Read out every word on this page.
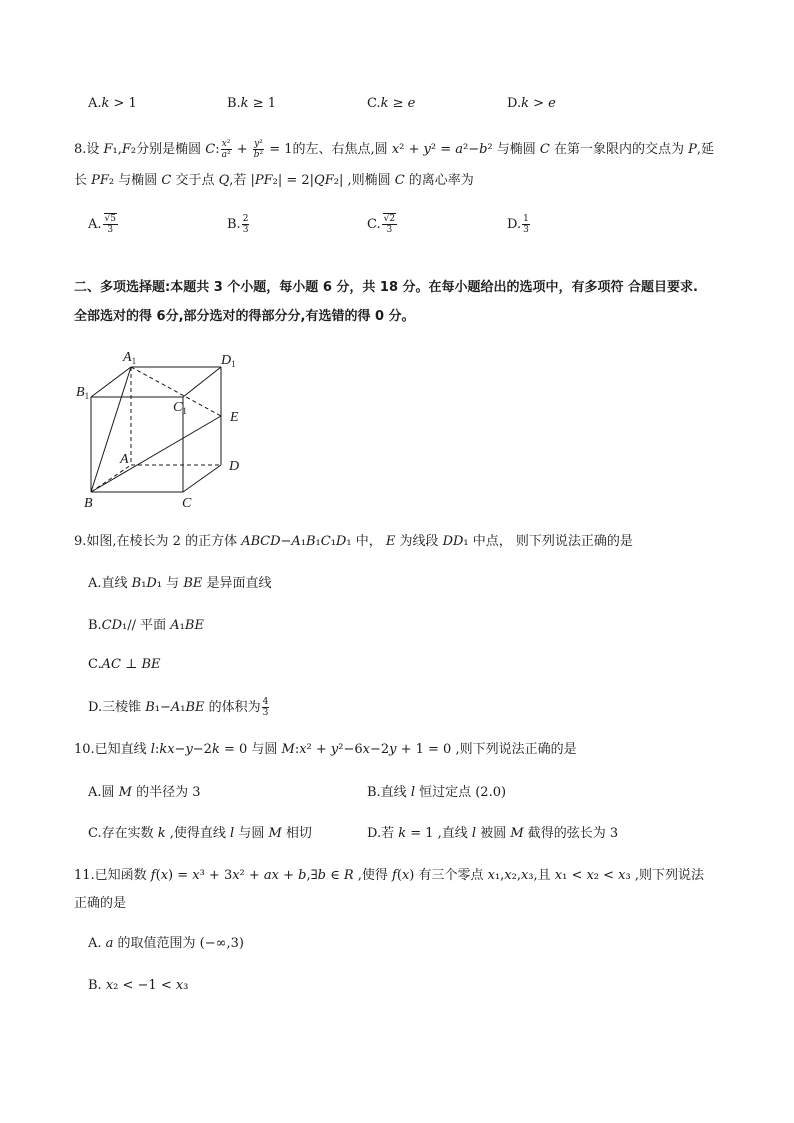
A.𝑘 > 1	B.𝑘 ≥ 1	C.𝑘 ≥ 𝑒	D.𝑘 > 𝑒
8.设 𝐹₁,𝐹₂分别是椭圆 𝐶: $\frac{\text{𝑥²}}{\text{𝑎²}} + \frac{\text{𝑦²}}{\text{𝑏²}} = 1$的左、右焦点,圆 𝑥² + 𝑦² = 𝑎²−𝑏² 与椭圆 𝐶 在第一象限内的交点为 𝑃,延
长 𝑃𝐹₂ 与椭圆 𝐶 交于点 𝑄,若 |𝑃𝐹₂| = 2|𝑄𝐹₂| ,则椭圆 𝐶 的离心率为
A. $\frac{√5}{3}$	B. $\frac{2}{3}$	C. $\frac{√2}{3}$	D. $\frac{1}{3}$
二、多项选择题:本题共 3 个小题，每小题 6 分，共 18 分。在每小题给出的选项中，有多项符 合题目要求.
全部选对的得 6分,部分选对的得部分分,有选错的得 0 分。
$A_1$	$D_1$
$B_1$
$C_1$	E
A	D
B	C
9.如图,在棱长为 2 的正方体 𝐴𝐵𝐶𝐷−𝐴₁𝐵₁𝐶₁𝐷₁ 中， 𝐸 为线段 𝐷𝐷₁ 中点， 则下列说法正确的是
A.直线 𝐵₁𝐷₁ 与 𝐵𝐸 是异面直线
B.𝐶𝐷₁// 平面 𝐴₁𝐵𝐸
C.𝐴𝐶 ⊥ 𝐵𝐸
D.三棱锥 𝐵₁−𝐴₁𝐵𝐸 的体积为 $\frac{4}{3}$
10.已知直线 𝑙:𝑘𝑥−𝑦−2𝑘 = 0 与圆 𝑀:𝑥² + 𝑦²−6𝑥−2𝑦 + 1 = 0 ,则下列说法正确的是
A.圆 𝑀 的半径为 3	B.直线 𝑙 恒过定点 (2.0)
C.存在实数 𝑘 ,使得直线 𝑙 与圆 𝑀 相切	D.若 𝑘 = 1 ,直线 𝑙 被圆 𝑀 截得的弦长为 3
11.已知函数 𝑓(𝑥) = 𝑥³ + 3𝑥² + 𝑎𝑥 + 𝑏,∃𝑏 ∈ 𝑅 ,使得 𝑓(𝑥) 有三个零点 𝑥₁,𝑥₂,𝑥₃,且 𝑥₁ < 𝑥₂ < 𝑥₃ ,则下列说法
正确的是
A. 𝑎 的取值范围为 (−∞,3)
B. 𝑥₂ < −1 < 𝑥₃
